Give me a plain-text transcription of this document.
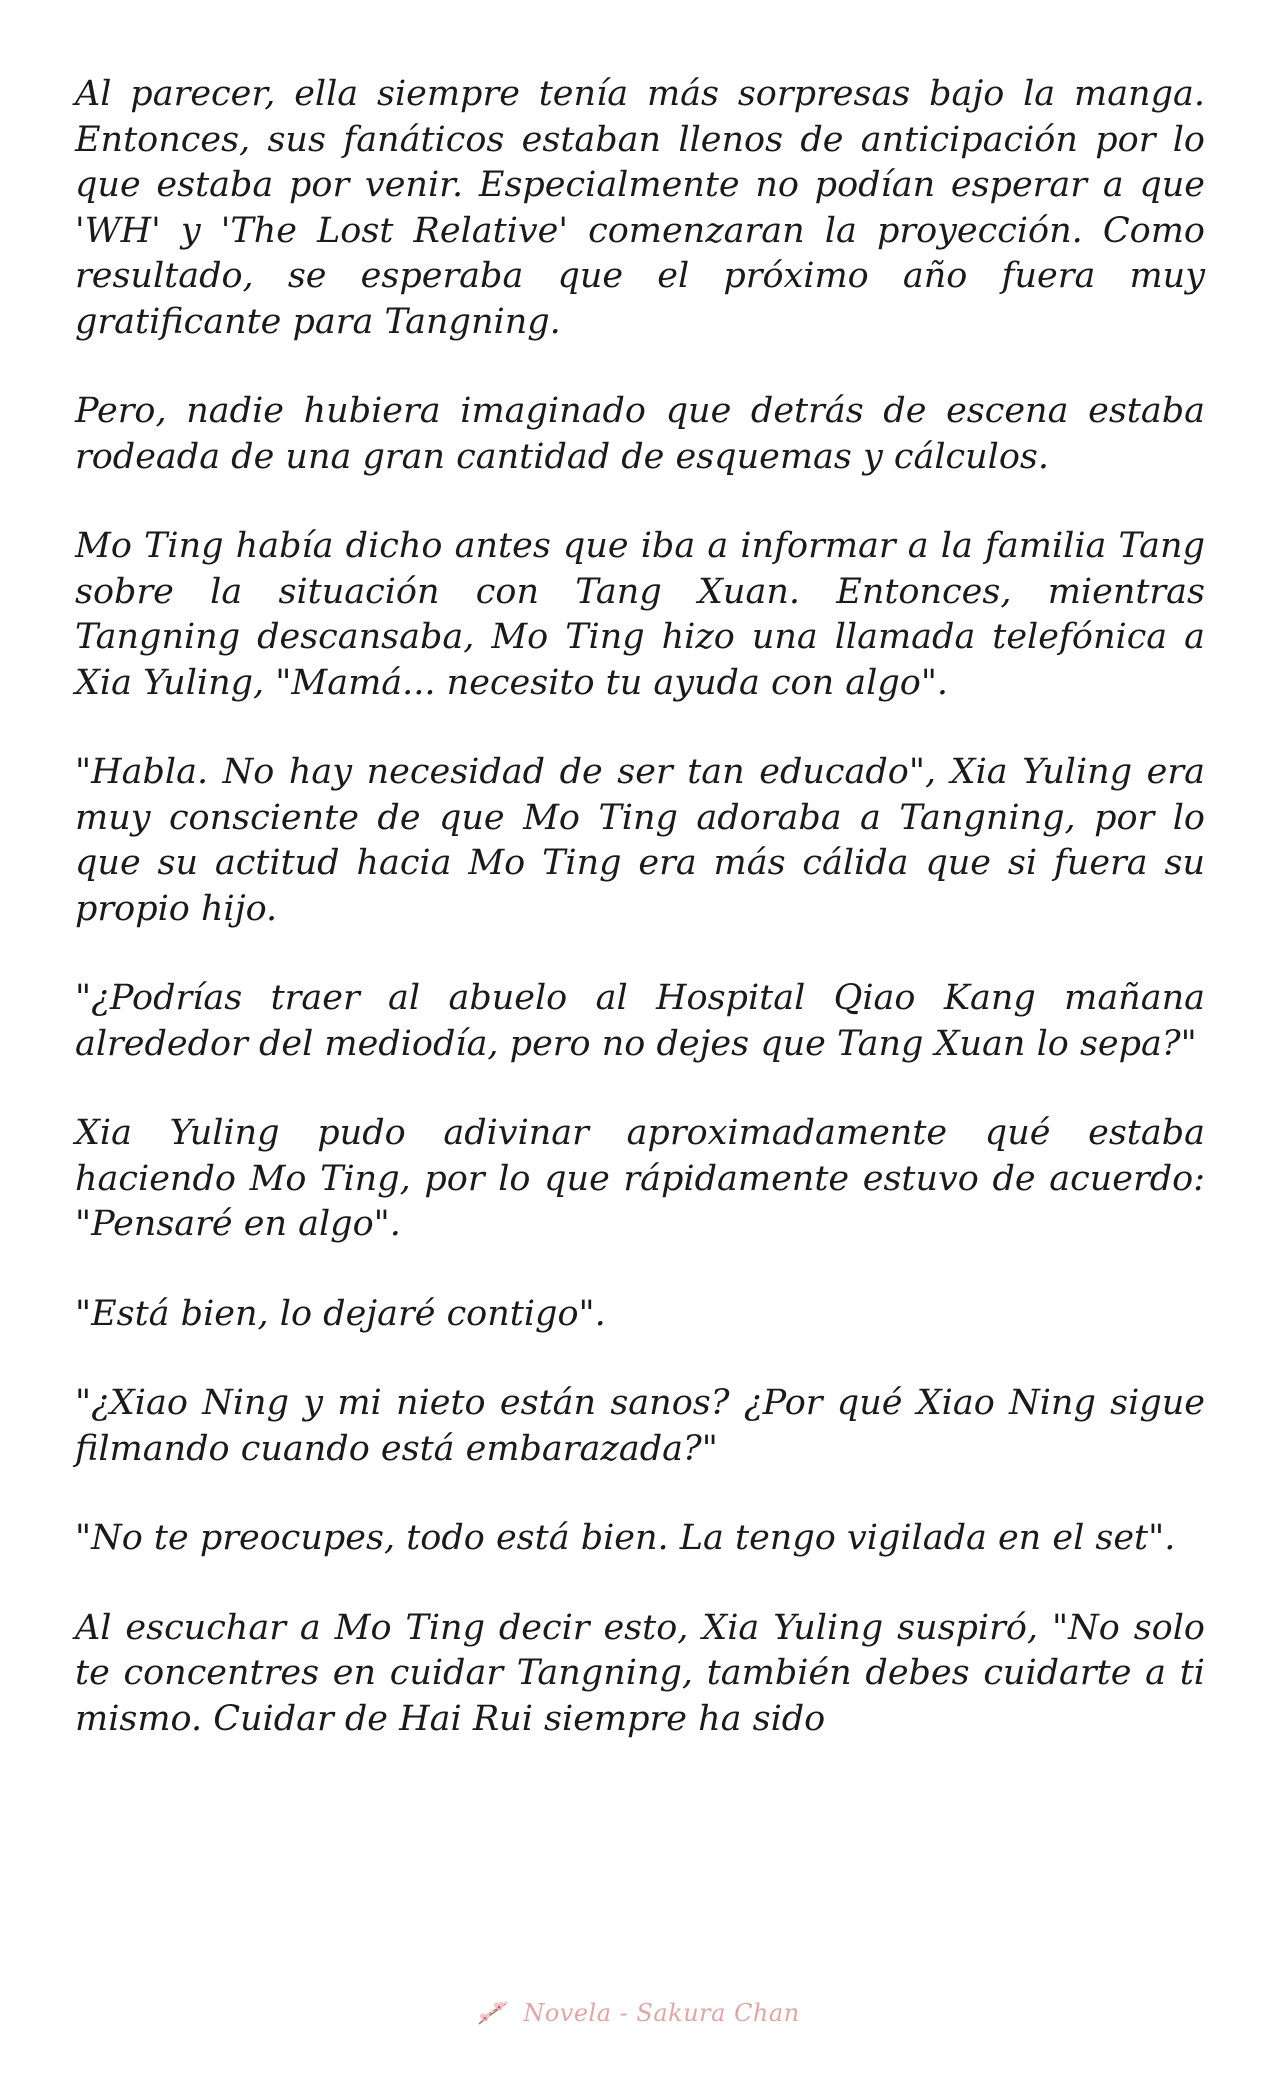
Al parecer, ella siempre tenía más sorpresas bajo la manga. Entonces, sus fanáticos estaban llenos de anticipación por lo que estaba por venir. Especialmente no podían esperar a que 'WH' y 'The Lost Relative' comenzaran la proyección. Como resultado, se esperaba que el próximo año fuera muy gratificante para Tangning.

Pero, nadie hubiera imaginado que detrás de escena estaba rodeada de una gran cantidad de esquemas y cálculos.

Mo Ting había dicho antes que iba a informar a la familia Tang sobre la situación con Tang Xuan. Entonces, mientras Tangning descansaba, Mo Ting hizo una llamada telefónica a Xia Yuling, "Mamá... necesito tu ayuda con algo".

"Habla. No hay necesidad de ser tan educado", Xia Yuling era muy consciente de que Mo Ting adoraba a Tangning, por lo que su actitud hacia Mo Ting era más cálida que si fuera su propio hijo.

"¿Podrías traer al abuelo al Hospital Qiao Kang mañana alrededor del mediodía, pero no dejes que Tang Xuan lo sepa?"

Xia Yuling pudo adivinar aproximadamente qué estaba haciendo Mo Ting, por lo que rápidamente estuvo de acuerdo: "Pensaré en algo".

"Está bien, lo dejaré contigo".

"¿Xiao Ning y mi nieto están sanos? ¿Por qué Xiao Ning sigue filmando cuando está embarazada?"

"No te preocupes, todo está bien. La tengo vigilada en el set".

Al escuchar a Mo Ting decir esto, Xia Yuling suspiró, "No solo te concentres en cuidar Tangning, también debes cuidarte a ti mismo. Cuidar de Hai Rui siempre ha sido

Novela - Sakura Chan
